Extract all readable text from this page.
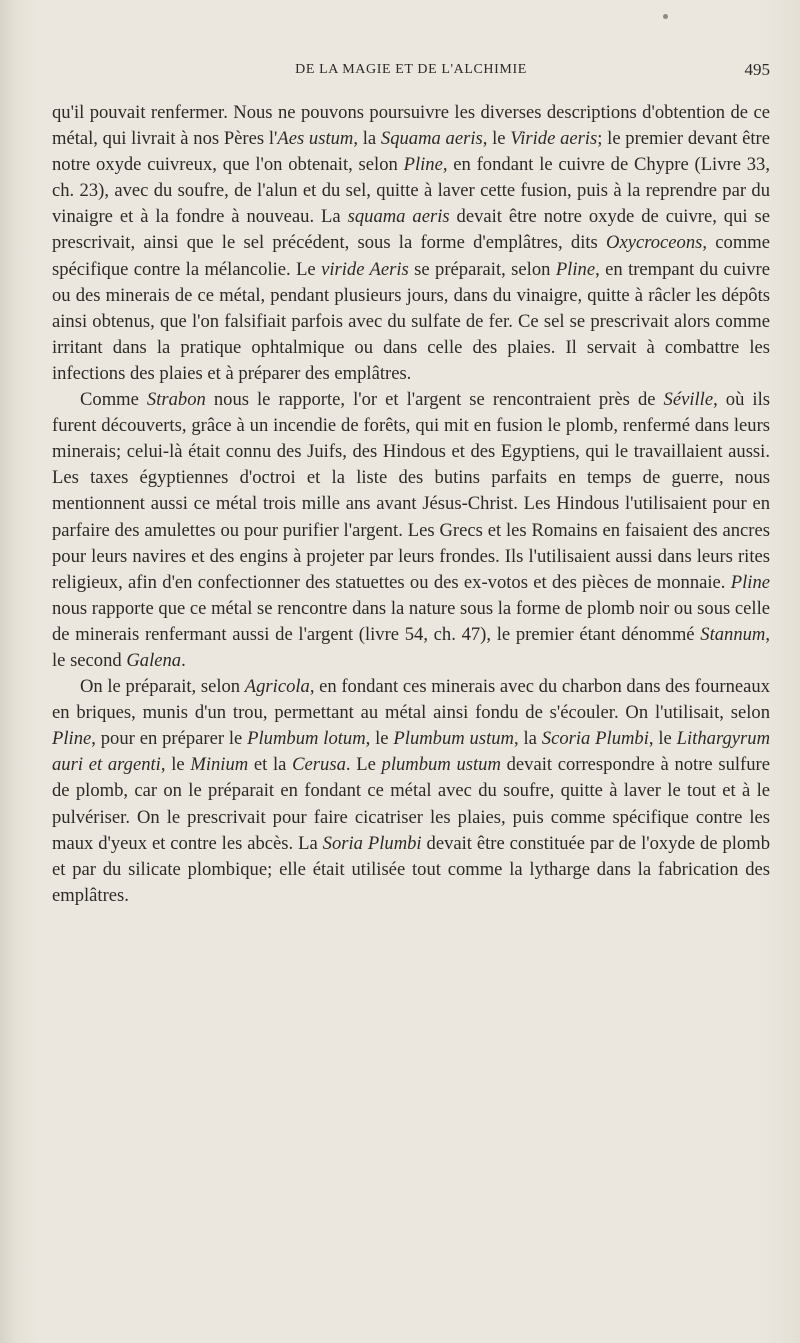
DE LA MAGIE ET DE L'ALCHIMIE	495

qu'il pouvait renfermer. Nous ne pouvons poursuivre les diverses descriptions d'obtention de ce métal, qui livrait à nos Pères l'Aes ustum, la Squama aeris, le Viride aeris; le premier devant être notre oxyde cuivreux, que l'on obtenait, selon Pline, en fondant le cuivre de Chypre (Livre 33, ch. 23), avec du soufre, de l'alun et du sel, quitte à laver cette fusion, puis à la reprendre par du vinaigre et à la fondre à nouveau. La squama aeris devait être notre oxyde de cuivre, qui se prescrivait, ainsi que le sel précédent, sous la forme d'emplâtres, dits Oxycroceons, comme spécifique contre la mélancolie. Le viride Aeris se préparait, selon Pline, en trempant du cuivre ou des minerais de ce métal, pendant plusieurs jours, dans du vinaigre, quitte à râcler les dépôts ainsi obtenus, que l'on falsifiait parfois avec du sulfate de fer. Ce sel se prescrivait alors comme irritant dans la pratique ophtalmique ou dans celle des plaies. Il servait à combattre les infections des plaies et à préparer des emplâtres.

Comme Strabon nous le rapporte, l'or et l'argent se rencontraient près de Séville, où ils furent découverts, grâce à un incendie de forêts, qui mit en fusion le plomb, renfermé dans leurs minerais; celui-là était connu des Juifs, des Hindous et des Egyptiens, qui le travaillaient aussi. Les taxes égyptiennes d'octroi et la liste des butins parfaits en temps de guerre, nous mentionnent aussi ce métal trois mille ans avant Jésus-Christ. Les Hindous l'utilisaient pour en parfaire des amulettes ou pour purifier l'argent. Les Grecs et les Romains en faisaient des ancres pour leurs navires et des engins à projeter par leurs frondes. Ils l'utilisaient aussi dans leurs rites religieux, afin d'en confectionner des statuettes ou des ex-votos et des pièces de monnaie. Pline nous rapporte que ce métal se rencontre dans la nature sous la forme de plomb noir ou sous celle de minerais renfermant aussi de l'argent (livre 54, ch. 47), le premier étant dénommé Stannum, le second Galena.

On le préparait, selon Agricola, en fondant ces minerais avec du charbon dans des fourneaux en briques, munis d'un trou, permettant au métal ainsi fondu de s'écouler. On l'utilisait, selon Pline, pour en préparer le Plumbum lotum, le Plumbum ustum, la Scoria Plumbi, le Lithargyrum auri et argenti, le Minium et la Cerusa. Le plumbum ustum devait correspondre à notre sulfure de plomb, car on le préparait en fondant ce métal avec du soufre, quitte à laver le tout et à le pulvériser. On le prescrivait pour faire cicatriser les plaies, puis comme spécifique contre les maux d'yeux et contre les abcès. La Soria Plumbi devait être constituée par de l'oxyde de plomb et par du silicate plombique; elle était utilisée tout comme la lytharge dans la fabrication des emplâtres.
